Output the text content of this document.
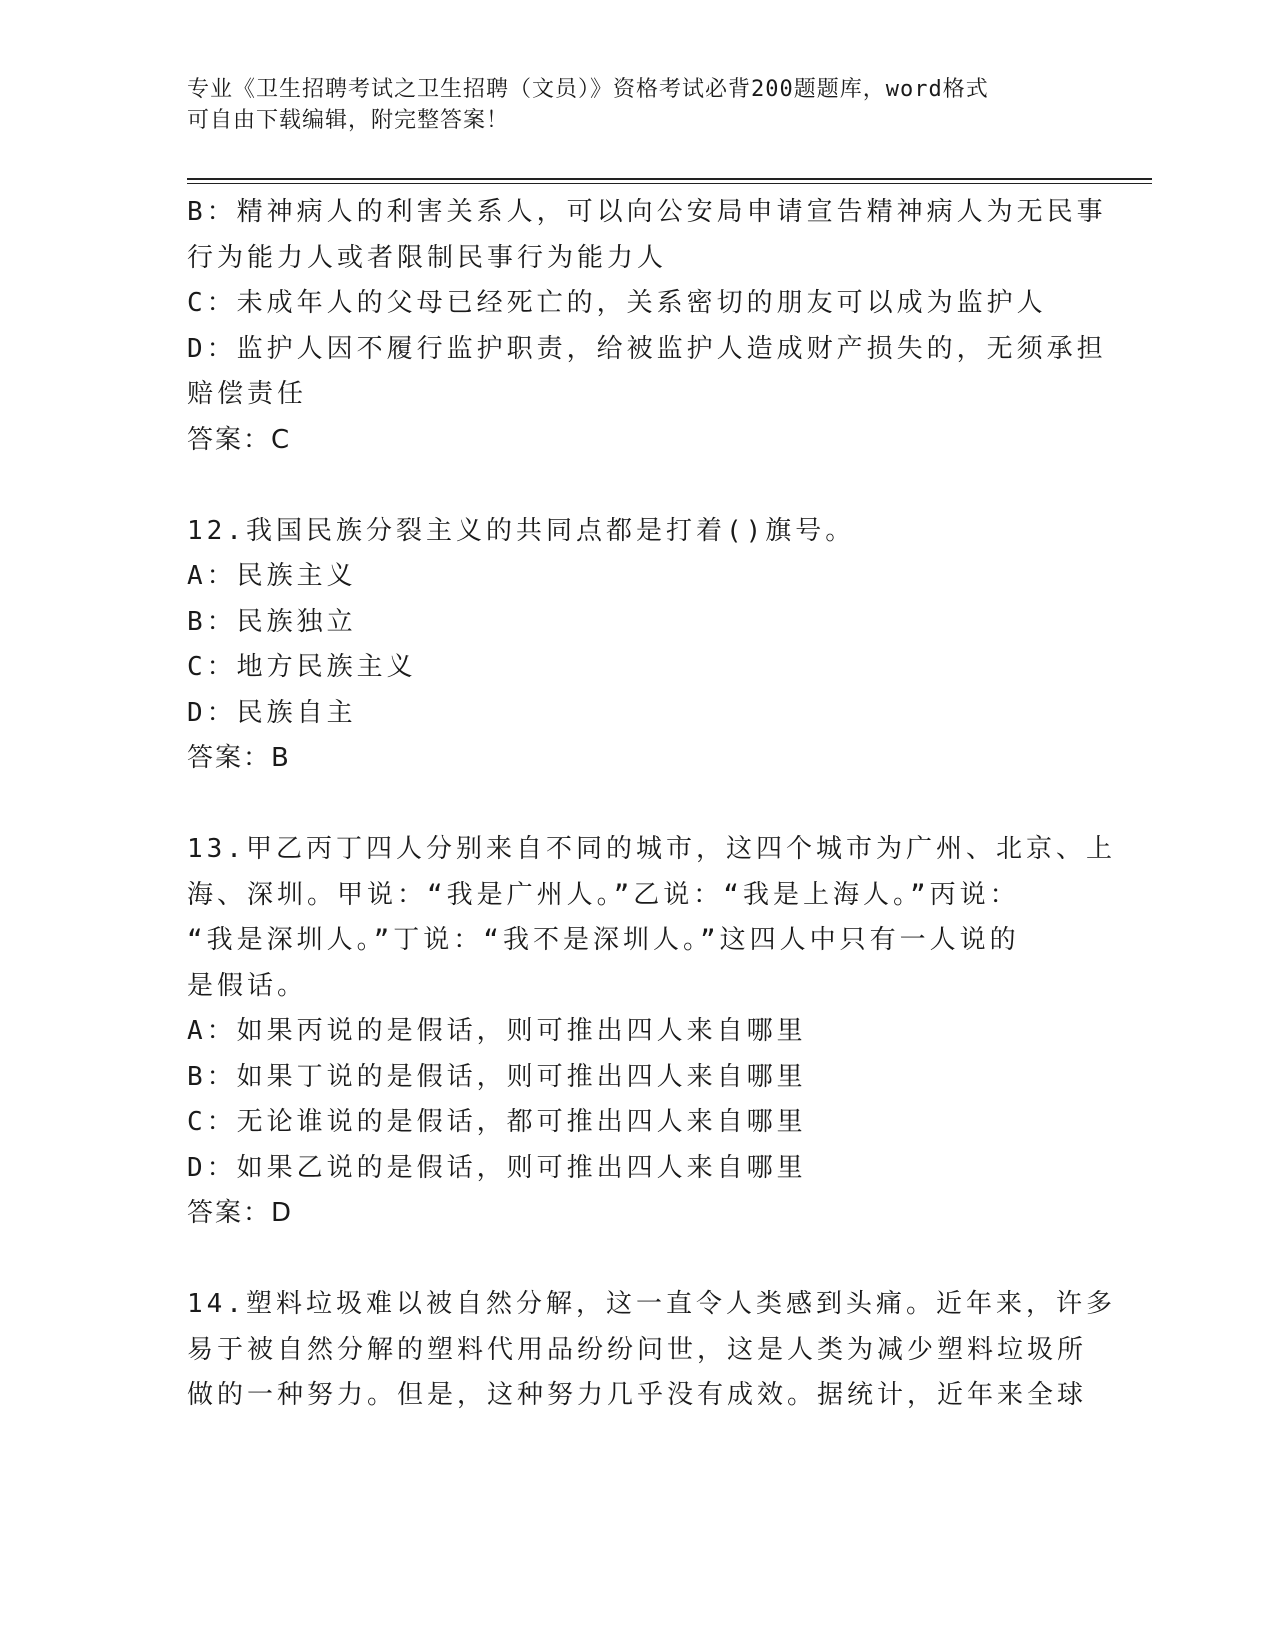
专业《卫生招聘考试之卫生招聘（文员）》资格考试必背200题题库，word格式
可自由下载编辑，附完整答案！
B：精神病人的利害关系人，可以向公安局申请宣告精神病人为无民事
行为能力人或者限制民事行为能力人
C：未成年人的父母已经死亡的，关系密切的朋友可以成为监护人
D：监护人因不履行监护职责，给被监护人造成财产损失的，无须承担
赔偿责任
答案：C
12.我国民族分裂主义的共同点都是打着()旗号。
A：民族主义
B：民族独立
C：地方民族主义
D：民族自主
答案：B
13.甲乙丙丁四人分别来自不同的城市，这四个城市为广州、北京、上
海、深圳。甲说：“我是广州人。”乙说：“我是上海人。”丙说：
“我是深圳人。”丁说：“我不是深圳人。”这四人中只有一人说的
是假话。
A：如果丙说的是假话，则可推出四人来自哪里
B：如果丁说的是假话，则可推出四人来自哪里
C：无论谁说的是假话，都可推出四人来自哪里
D：如果乙说的是假话，则可推出四人来自哪里
答案：D
14.塑料垃圾难以被自然分解，这一直令人类感到头痛。近年来，许多
易于被自然分解的塑料代用品纷纷问世，这是人类为减少塑料垃圾所
做的一种努力。但是，这种努力几乎没有成效。据统计，近年来全球
